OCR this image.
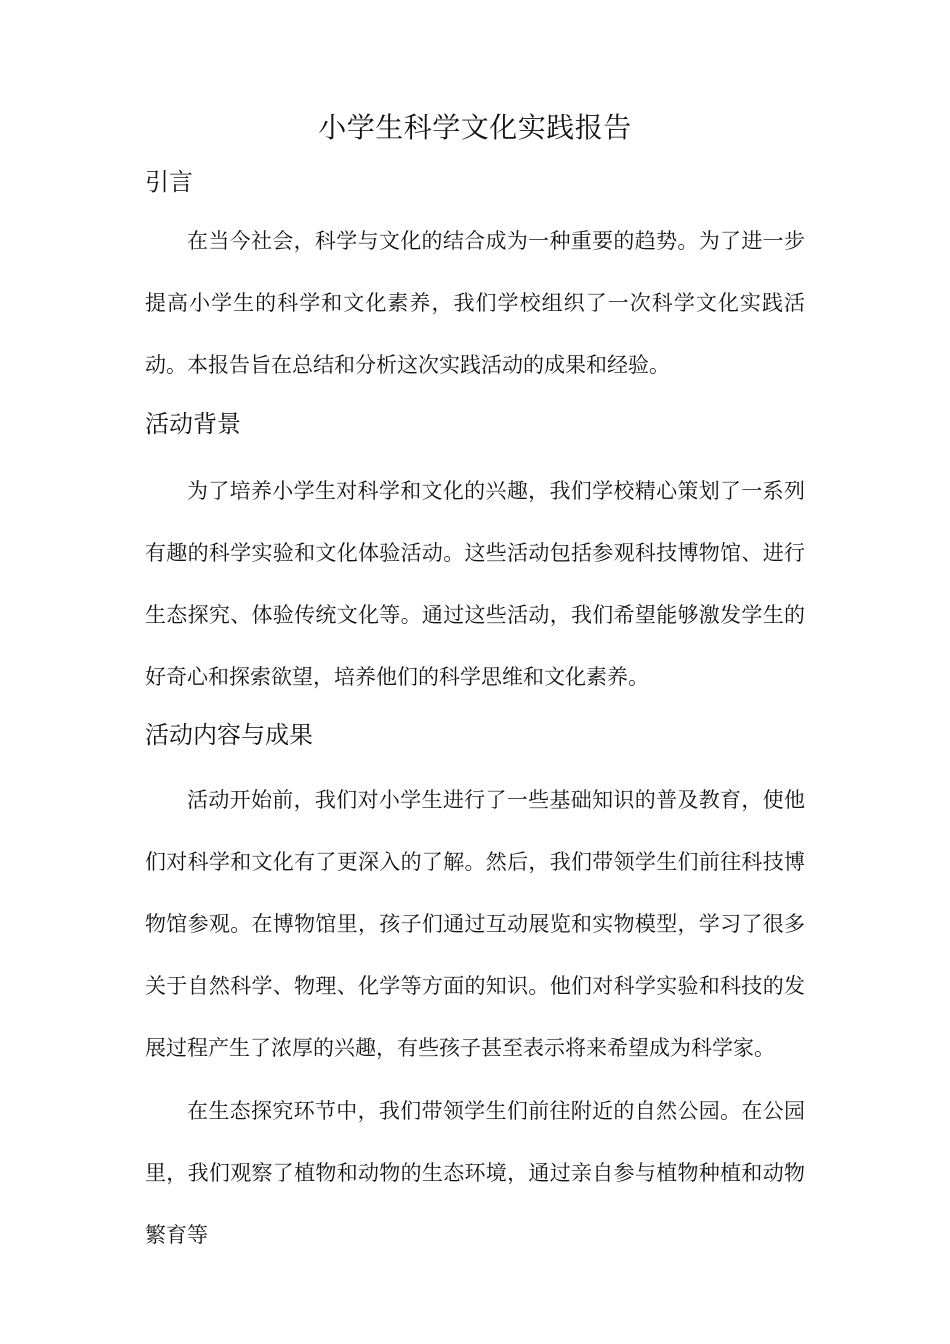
小学生科学文化实践报告
引言

在当今社会，科学与文化的结合成为一种重要的趋势。为了进一步提高小学生的科学和文化素养，我们学校组织了一次科学文化实践活动。本报告旨在总结和分析这次实践活动的成果和经验。

活动背景

为了培养小学生对科学和文化的兴趣，我们学校精心策划了一系列有趣的科学实验和文化体验活动。这些活动包括参观科技博物馆、进行生态探究、体验传统文化等。通过这些活动，我们希望能够激发学生的好奇心和探索欲望，培养他们的科学思维和文化素养。

活动内容与成果

活动开始前，我们对小学生进行了一些基础知识的普及教育，使他们对科学和文化有了更深入的了解。然后，我们带领学生们前往科技博物馆参观。在博物馆里，孩子们通过互动展览和实物模型，学习了很多关于自然科学、物理、化学等方面的知识。他们对科学实验和科技的发展过程产生了浓厚的兴趣，有些孩子甚至表示将来希望成为科学家。

在生态探究环节中，我们带领学生们前往附近的自然公园。在公园里，我们观察了植物和动物的生态环境，通过亲自参与植物种植和动物繁育等
